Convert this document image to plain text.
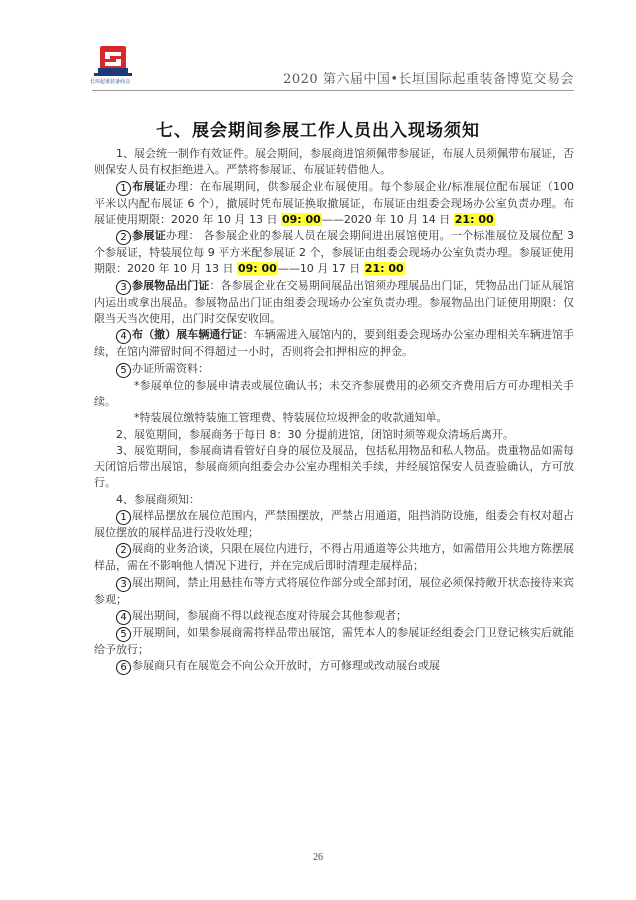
长垣起重装备商会	2020 第六届中国•长垣国际起重装备博览交易会
七、展会期间参展工作人员出入现场须知

1、展会统一制作有效证件。展会期间，参展商进馆须佩带参展证，布展人员须佩带布展证，否则保安人员有权拒绝进入。严禁将参展证、布展证转借他人。

1 布展证办理：在布展期间，供参展企业布展使用。每个参展企业/标准展位配布展证（100 平米以内配布展证 6 个），撤展时凭布展证换取撤展证，布展证由组委会现场办公室负责办理。布展证使用期限：2020 年 10 月 13 日 09: 00——2020 年 10 月 14 日 21: 00

2 参展证办理： 各参展企业的参展人员在展会期间进出展馆使用。一个标准展位及展位配 3 个参展证，特装展位每 9 平方米配参展证 2 个，参展证由组委会现场办公室负责办理。参展证使用期限：2020 年 10 月 13 日 09: 00——10 月 17 日 21: 00

3 参展物品出门证：各参展企业在交易期间展品出馆须办理展品出门证，凭物品出门证从展馆内运出或拿出展品。参展物品出门证由组委会现场办公室负责办理。参展物品出门证使用期限：仅限当天当次使用，出门时交保安收回。

4 布（撤）展车辆通行证：车辆需进入展馆内的，要到组委会现场办公室办理相关车辆进馆手续，在馆内滞留时间不得超过一小时，否则将会扣押相应的押金。

5 办证所需资料：

*参展单位的参展申请表或展位确认书；未交齐参展费用的必须交齐费用后方可办理相关手续。

*特装展位缴特装施工管理费、特装展位垃圾押金的收款通知单。

2、展览期间，参展商务于每日 8：30 分提前进馆，闭馆时须等观众清场后离开。

3、展览期间，参展商请看管好自身的展位及展品，包括私用物品和私人物品。贵重物品如需每天闭馆后带出展馆，参展商须向组委会办公室办理相关手续，并经展馆保安人员查验确认，方可放行。

4、参展商须知：

1 展样品摆放在展位范围内，严禁围摆放，严禁占用通道，阻挡消防设施，组委会有权对超占展位摆放的展样品进行没收处理；

2 展商的业务洽谈，只限在展位内进行，不得占用通道等公共地方，如需借用公共地方陈摆展样品，需在不影响他人情况下进行，并在完成后即时清理走展样品；

3 展出期间，禁止用悬挂布等方式将展位作部分或全部封闭，展位必须保持敞开状态接待来宾参观；

4 展出期间，参展商不得以歧视态度对待展会其他参观者；

5 开展期间，如果参展商需将样品带出展馆，需凭本人的参展证经组委会门卫登记核实后就能给予放行；

6 参展商只有在展览会不向公众开放时，方可修理或改动展台或展

26
